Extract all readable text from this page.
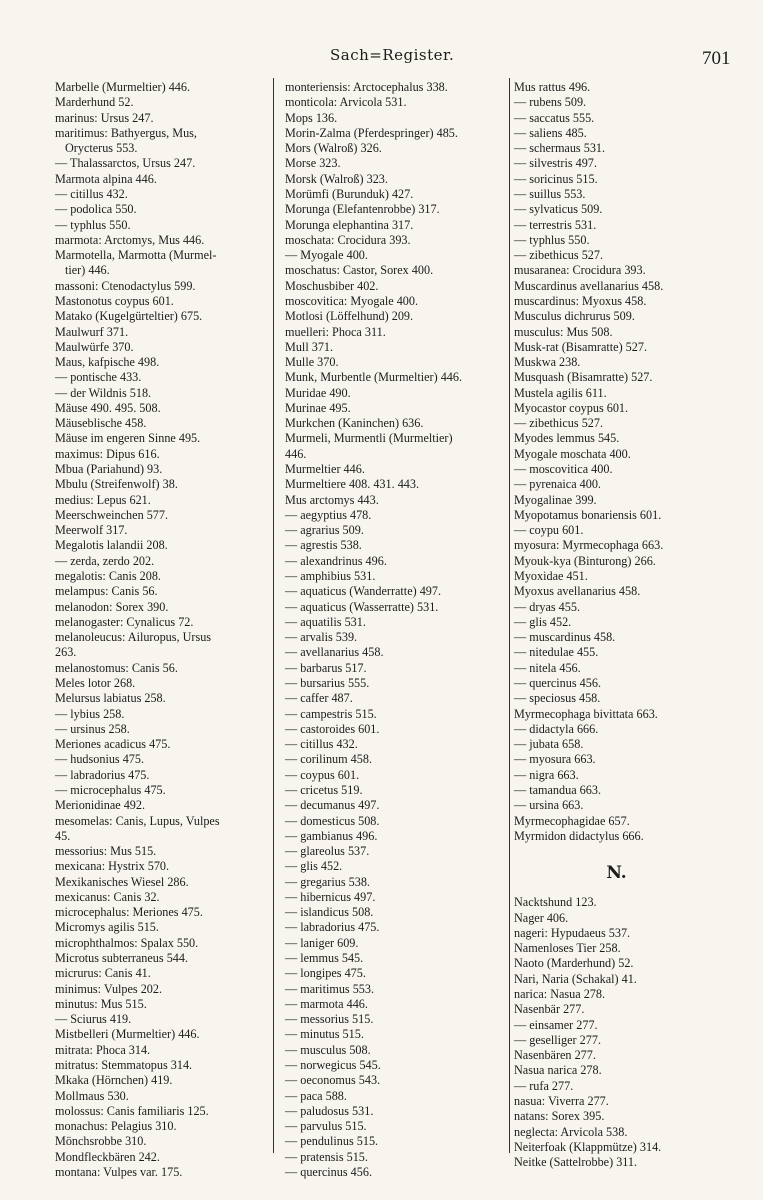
Sach=Register.	701
Marbelle (Murmeltier) 446.
Marderhund 52.
marinus: Ursus 247.
maritimus: Bathyergus, Mus,
Orycterus 553.
— Thalassarctos, Ursus 247.
Marmota alpina 446.
— citillus 432.
— podolica 550.
— typhlus 550.
marmota: Arctomys, Mus 446.
Marmotella, Marmotta (Murmel-
tier) 446.
massoni: Ctenodactylus 599.
Mastonotus coypus 601.
Matako (Kugelgürteltier) 675.
Maulwurf 371.
Maulwürfe 370.
Maus, kafpische 498.
— pontische 433.
— der Wildnis 518.
Mäuse 490. 495. 508.
Mäuseblische 458.
Mäuse im engeren Sinne 495.
maximus: Dipus 616.
Mbua (Pariahund) 93.
Mbulu (Streifenwolf) 38.
medius: Lepus 621.
Meerschweinchen 577.
Meerwolf 317.
Megalotis lalandii 208.
— zerda, zerdo 202.
megalotis: Canis 208.
melampus: Canis 56.
melanodon: Sorex 390.
melanogaster: Cynalicus 72.
melanoleucus: Ailuropus, Ursus
263.
melanostomus: Canis 56.
Meles lotor 268.
Melursus labiatus 258.
— lybius 258.
— ursinus 258.
Meriones acadicus 475.
— hudsonius 475.
— labradorius 475.
— microcephalus 475.
Merionidinae 492.
mesomelas: Canis, Lupus, Vulpes
45.
messorius: Mus 515.
mexicana: Hystrix 570.
Mexikanisches Wiesel 286.
mexicanus: Canis 32.
microcephalus: Meriones 475.
Micromys agilis 515.
microphthalmos: Spalax 550.
Microtus subterraneus 544.
micrurus: Canis 41.
minimus: Vulpes 202.
minutus: Mus 515.
— Sciurus 419.
Mistbelleri (Murmeltier) 446.
mitrata: Phoca 314.
mitratus: Stemmatopus 314.
Mkaka (Hörnchen) 419.
Mollmaus 530.
molossus: Canis familiaris 125.
monachus: Pelagius 310.
Mönchsrobbe 310.
Mondfleckbären 242.
montana: Vulpes var. 175.
monteriensis: Arctocephalus 338.
monticola: Arvicola 531.
Mops 136.
Morin-Zalma (Pferdespringer) 485.
Mors (Walroß) 326.
Morse 323.
Morsk (Walroß) 323.
Morümfi (Burunduk) 427.
Morunga (Elefantenrobbe) 317.
Morunga elephantina 317.
moschata: Crocidura 393.
— Myogale 400.
moschatus: Castor, Sorex 400.
Moschusbiber 402.
moscovitica: Myogale 400.
Motlosi (Löffelhund) 209.
muelleri: Phoca 311.
Mull 371.
Mulle 370.
Munk, Murbentle (Murmeltier) 446.
Muridae 490.
Murinae 495.
Murkchen (Kaninchen) 636.
Murmeli, Murmentli (Murmeltier)
446.
Murmeltier 446.
Murmeltiere 408. 431. 443.
Mus arctomys 443.
— aegyptius 478.
— agrarius 509.
— agrestis 538.
— alexandrinus 496.
— amphibius 531.
— aquaticus (Wanderratte) 497.
— aquaticus (Wasserratte) 531.
— aquatilis 531.
— arvalis 539.
— avellanarius 458.
— barbarus 517.
— bursarius 555.
— caffer 487.
— campestris 515.
— castoroides 601.
— citillus 432.
— corilinum 458.
— coypus 601.
— cricetus 519.
— decumanus 497.
— domesticus 508.
— gambianus 496.
— glareolus 537.
— glis 452.
— gregarius 538.
— hibernicus 497.
— islandicus 508.
— labradorius 475.
— laniger 609.
— lemmus 545.
— longipes 475.
— maritimus 553.
— marmota 446.
— messorius 515.
— minutus 515.
— musculus 508.
— norwegicus 545.
— oeconomus 543.
— paca 588.
— paludosus 531.
— parvulus 515.
— pendulinus 515.
— pratensis 515.
— quercinus 456.
Mus rattus 496.
— rubens 509.
— saccatus 555.
— saliens 485.
— schermaus 531.
— silvestris 497.
— soricinus 515.
— suillus 553.
— sylvaticus 509.
— terrestris 531.
— typhlus 550.
— zibethicus 527.
musaranea: Crocidura 393.
Muscardinus avellanarius 458.
muscardinus: Myoxus 458.
Musculus dichrurus 509.
musculus: Mus 508.
Musk-rat (Bisamratte) 527.
Muskwa 238.
Musquash (Bisamratte) 527.
Mustela agilis 611.
Myocastor coypus 601.
— zibethicus 527.
Myodes lemmus 545.
Myogale moschata 400.
— moscovitica 400.
— pyrenaica 400.
Myogalinae 399.
Myopotamus bonariensis 601.
— coypu 601.
myosura: Myrmecophaga 663.
Myouk-kya (Binturong) 266.
Myoxidae 451.
Myoxus avellanarius 458.
— dryas 455.
— glis 452.
— muscardinus 458.
— nitedulae 455.
— nitela 456.
— quercinus 456.
— speciosus 458.
Myrmecophaga bivittata 663.
— didactyla 666.
— jubata 658.
— myosura 663.
— nigra 663.
— tamandua 663.
— ursina 663.
Myrmecophagidae 657.
Myrmidon didactylus 666.
N.
Nacktshund 123.
Nager 406.
nageri: Hypudaeus 537.
Namenloses Tier 258.
Naoto (Marderhund) 52.
Nari, Naria (Schakal) 41.
narica: Nasua 278.
Nasenbär 277.
— einsamer 277.
— geselliger 277.
Nasenbären 277.
Nasua narica 278.
— rufa 277.
nasua: Viverra 277.
natans: Sorex 395.
neglecta: Arvicola 538.
Neiterfoak (Klappmütze) 314.
Neitke (Sattelrobbe) 311.
